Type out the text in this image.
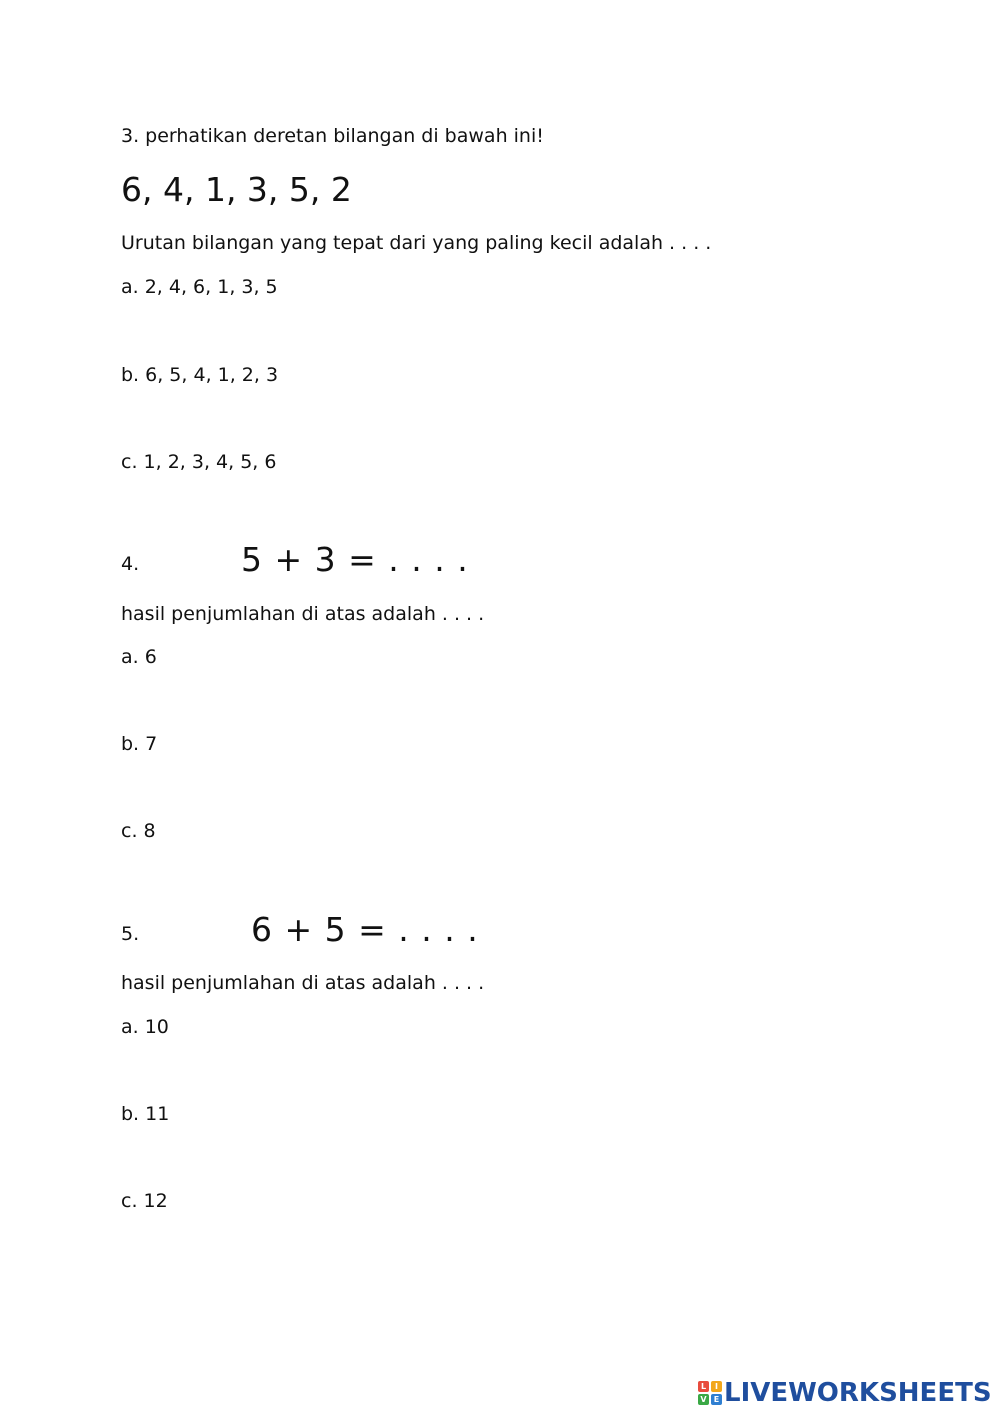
3. perhatikan deretan bilangan di bawah ini!
6, 4, 1, 3, 5, 2
Urutan bilangan yang tepat dari yang paling kecil adalah . . . .
a. 2, 4, 6, 1, 3, 5
b. 6, 5, 4, 1, 2, 3
c. 1, 2, 3, 4, 5, 6
4.	5 + 3 = . . . .
hasil penjumlahan di atas adalah . . . .
a. 6
b. 7
c. 8
5.	6 + 5 = . . . .
hasil penjumlahan di atas adalah . . . .
a. 10
b. 11
c. 12
L	I
V E LIVEWORKSHEETS
